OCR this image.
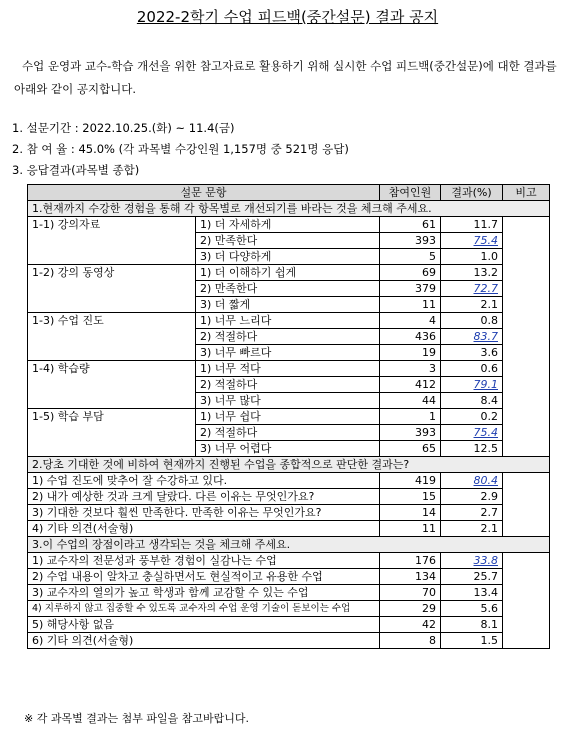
2022-2학기 수업 피드백(중간설문) 결과 공지
수업 운영과 교수-학습 개선을 위한 참고자료로 활용하기 위해 실시한 수업 피드백(중간설문)에 대한 결과를 아래와 같이 공지합니다.
1. 설문기간 : 2022.10.25.(화) ~ 11.4(금)
2. 참 여 율 : 45.0% (각 과목별 수강인원 1,157명 중 521명 응답)
3. 응답결과(과목별 종합)
설문 문항		참여인원	결과(%)	비고
1.현재까지 수강한 경험을 통해 각 항목별로 개선되기를 바라는 것을 체크해 주세요.				
1-1) 강의자료	1) 더 자세하게	61	11.7	
	2) 만족한다	393	75.4	
	3) 더 다양하게	5	1.0	
1-2) 강의 동영상	1) 더 이해하기 쉽게	69	13.2	
	2) 만족한다	379	72.7	
	3) 더 짧게	11	2.1	
1-3) 수업 진도	1) 너무 느리다	4	0.8	
	2) 적절하다	436	83.7	
	3) 너무 빠르다	19	3.6	
1-4) 학습량	1) 너무 적다	3	0.6	
	2) 적절하다	412	79.1	
	3) 너무 많다	44	8.4	
1-5) 학습 부담	1) 너무 쉽다	1	0.2	
	2) 적절하다	393	75.4	
	3) 너무 어렵다	65	12.5	
2.당초 기대한 것에 비하여 현재까지 진행된 수업을 종합적으로 판단한 결과는?				
1) 수업 진도에 맞추어 잘 수강하고 있다.		419	80.4	
2) 내가 예상한 것과 크게 달랐다. 다른 이유는 무엇인가요?		15	2.9	
3) 기대한 것보다 훨씬 만족한다. 만족한 이유는 무엇인가요?		14	2.7	
4) 기타 의견(서술형)		11	2.1	
3.이 수업의 장점이라고 생각되는 것을 체크해 주세요.				
1) 교수자의 전문성과 풍부한 경험이 실감나는 수업		176	33.8	
2) 수업 내용이 알차고 충실하면서도 현실적이고 유용한 수업		134	25.7	
3) 교수자의 열의가 높고 학생과 함께 교감할 수 있는 수업		70	13.4	
4) 지루하지 않고 집중할 수 있도록 교수자의 수업 운영 기술이 돋보이는 수업		29	5.6	
5) 해당사항 없음		42	8.1	
6) 기타 의견(서술형)		8	1.5	
※ 각 과목별 결과는 첨부 파일을 참고바랍니다.
